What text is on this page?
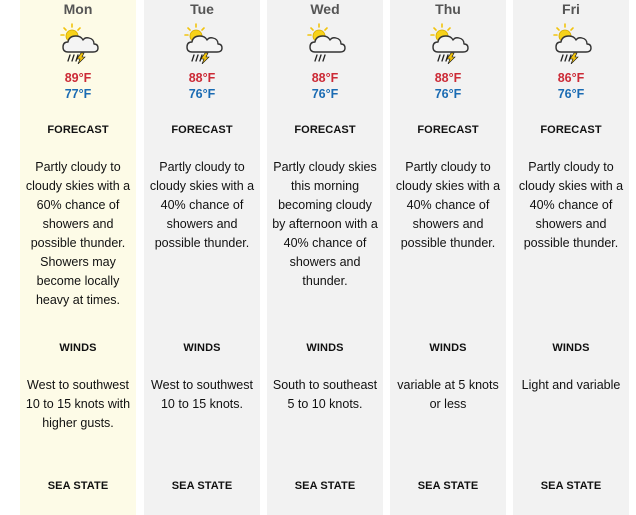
Mon
89°F
77°F
FORECAST
Partly cloudy to cloudy skies with a 60% chance of showers and possible thunder. Showers may become locally heavy at times.
WINDS
West to southwest 10 to 15 knots with higher gusts.
SEA STATE
Tue
88°F
76°F
FORECAST
Partly cloudy to cloudy skies with a 40% chance of showers and possible thunder.
WINDS
West to southwest 10 to 15 knots.
SEA STATE
Wed
88°F
76°F
FORECAST
Partly cloudy skies this morning becoming cloudy by afternoon with a 40% chance of showers and thunder.
WINDS
South to southeast 5 to 10 knots.
SEA STATE
Thu
88°F
76°F
FORECAST
Partly cloudy to cloudy skies with a 40% chance of showers and possible thunder.
WINDS
variable at 5 knots or less
SEA STATE
Fri
86°F
76°F
FORECAST
Partly cloudy to cloudy skies with a 40% chance of showers and possible thunder.
WINDS
Light and variable
SEA STATE
